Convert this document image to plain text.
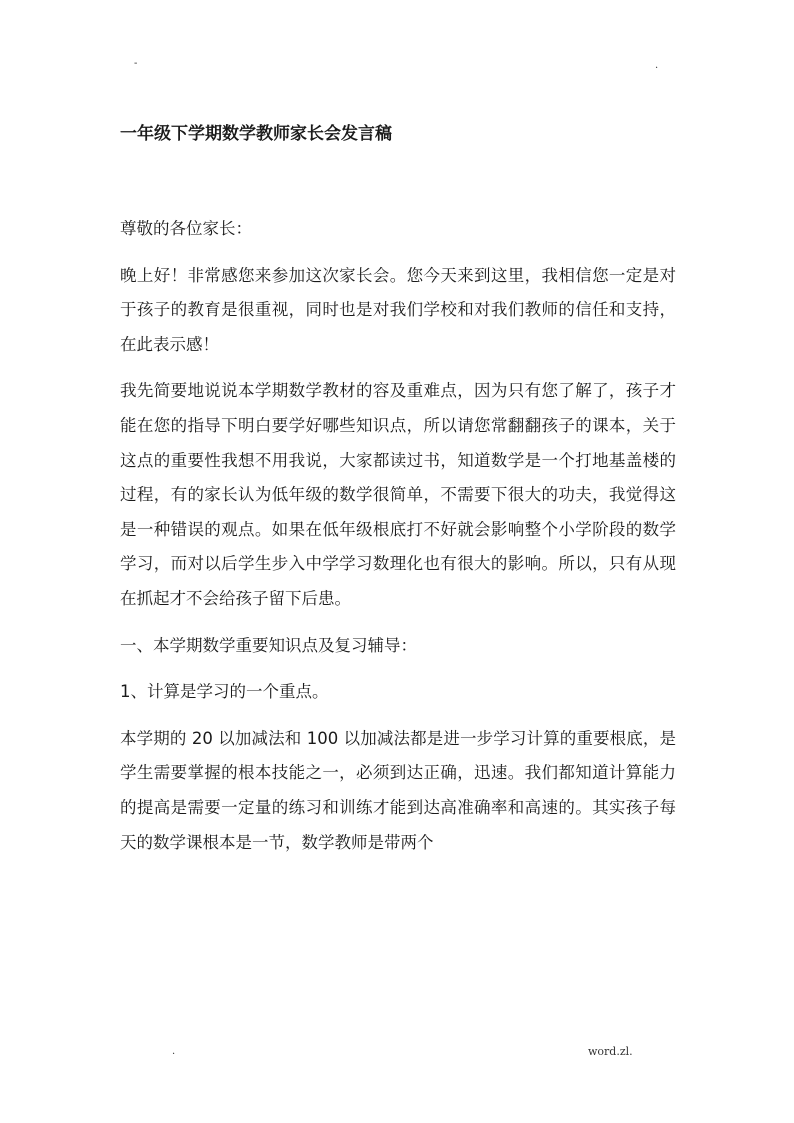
-	.
一年级下学期数学教师家长会发言稿

尊敬的各位家长：

晚上好！非常感您来参加这次家长会。您今天来到这里，我相信您一定是对于孩子的教育是很重视，同时也是对我们学校和对我们教师的信任和支持，在此表示感！

我先简要地说说本学期数学教材的容及重难点，因为只有您了解了，孩子才能在您的指导下明白要学好哪些知识点，所以请您常翻翻孩子的课本，关于这点的重要性我想不用我说，大家都读过书，知道数学是一个打地基盖楼的过程，有的家长认为低年级的数学很简单，不需要下很大的功夫，我觉得这是一种错误的观点。如果在低年级根底打不好就会影响整个小学阶段的数学学习，而对以后学生步入中学学习数理化也有很大的影响。所以，只有从现在抓起才不会给孩子留下后患。

一、本学期数学重要知识点及复习辅导：

1、计算是学习的一个重点。

本学期的 20 以加减法和 100 以加减法都是进一步学习计算的重要根底，是学生需要掌握的根本技能之一，必须到达正确，迅速。我们都知道计算能力的提高是需要一定量的练习和训练才能到达高准确率和高速的。其实孩子每天的数学课根本是一节，数学教师是带两个

.	word.zl.
